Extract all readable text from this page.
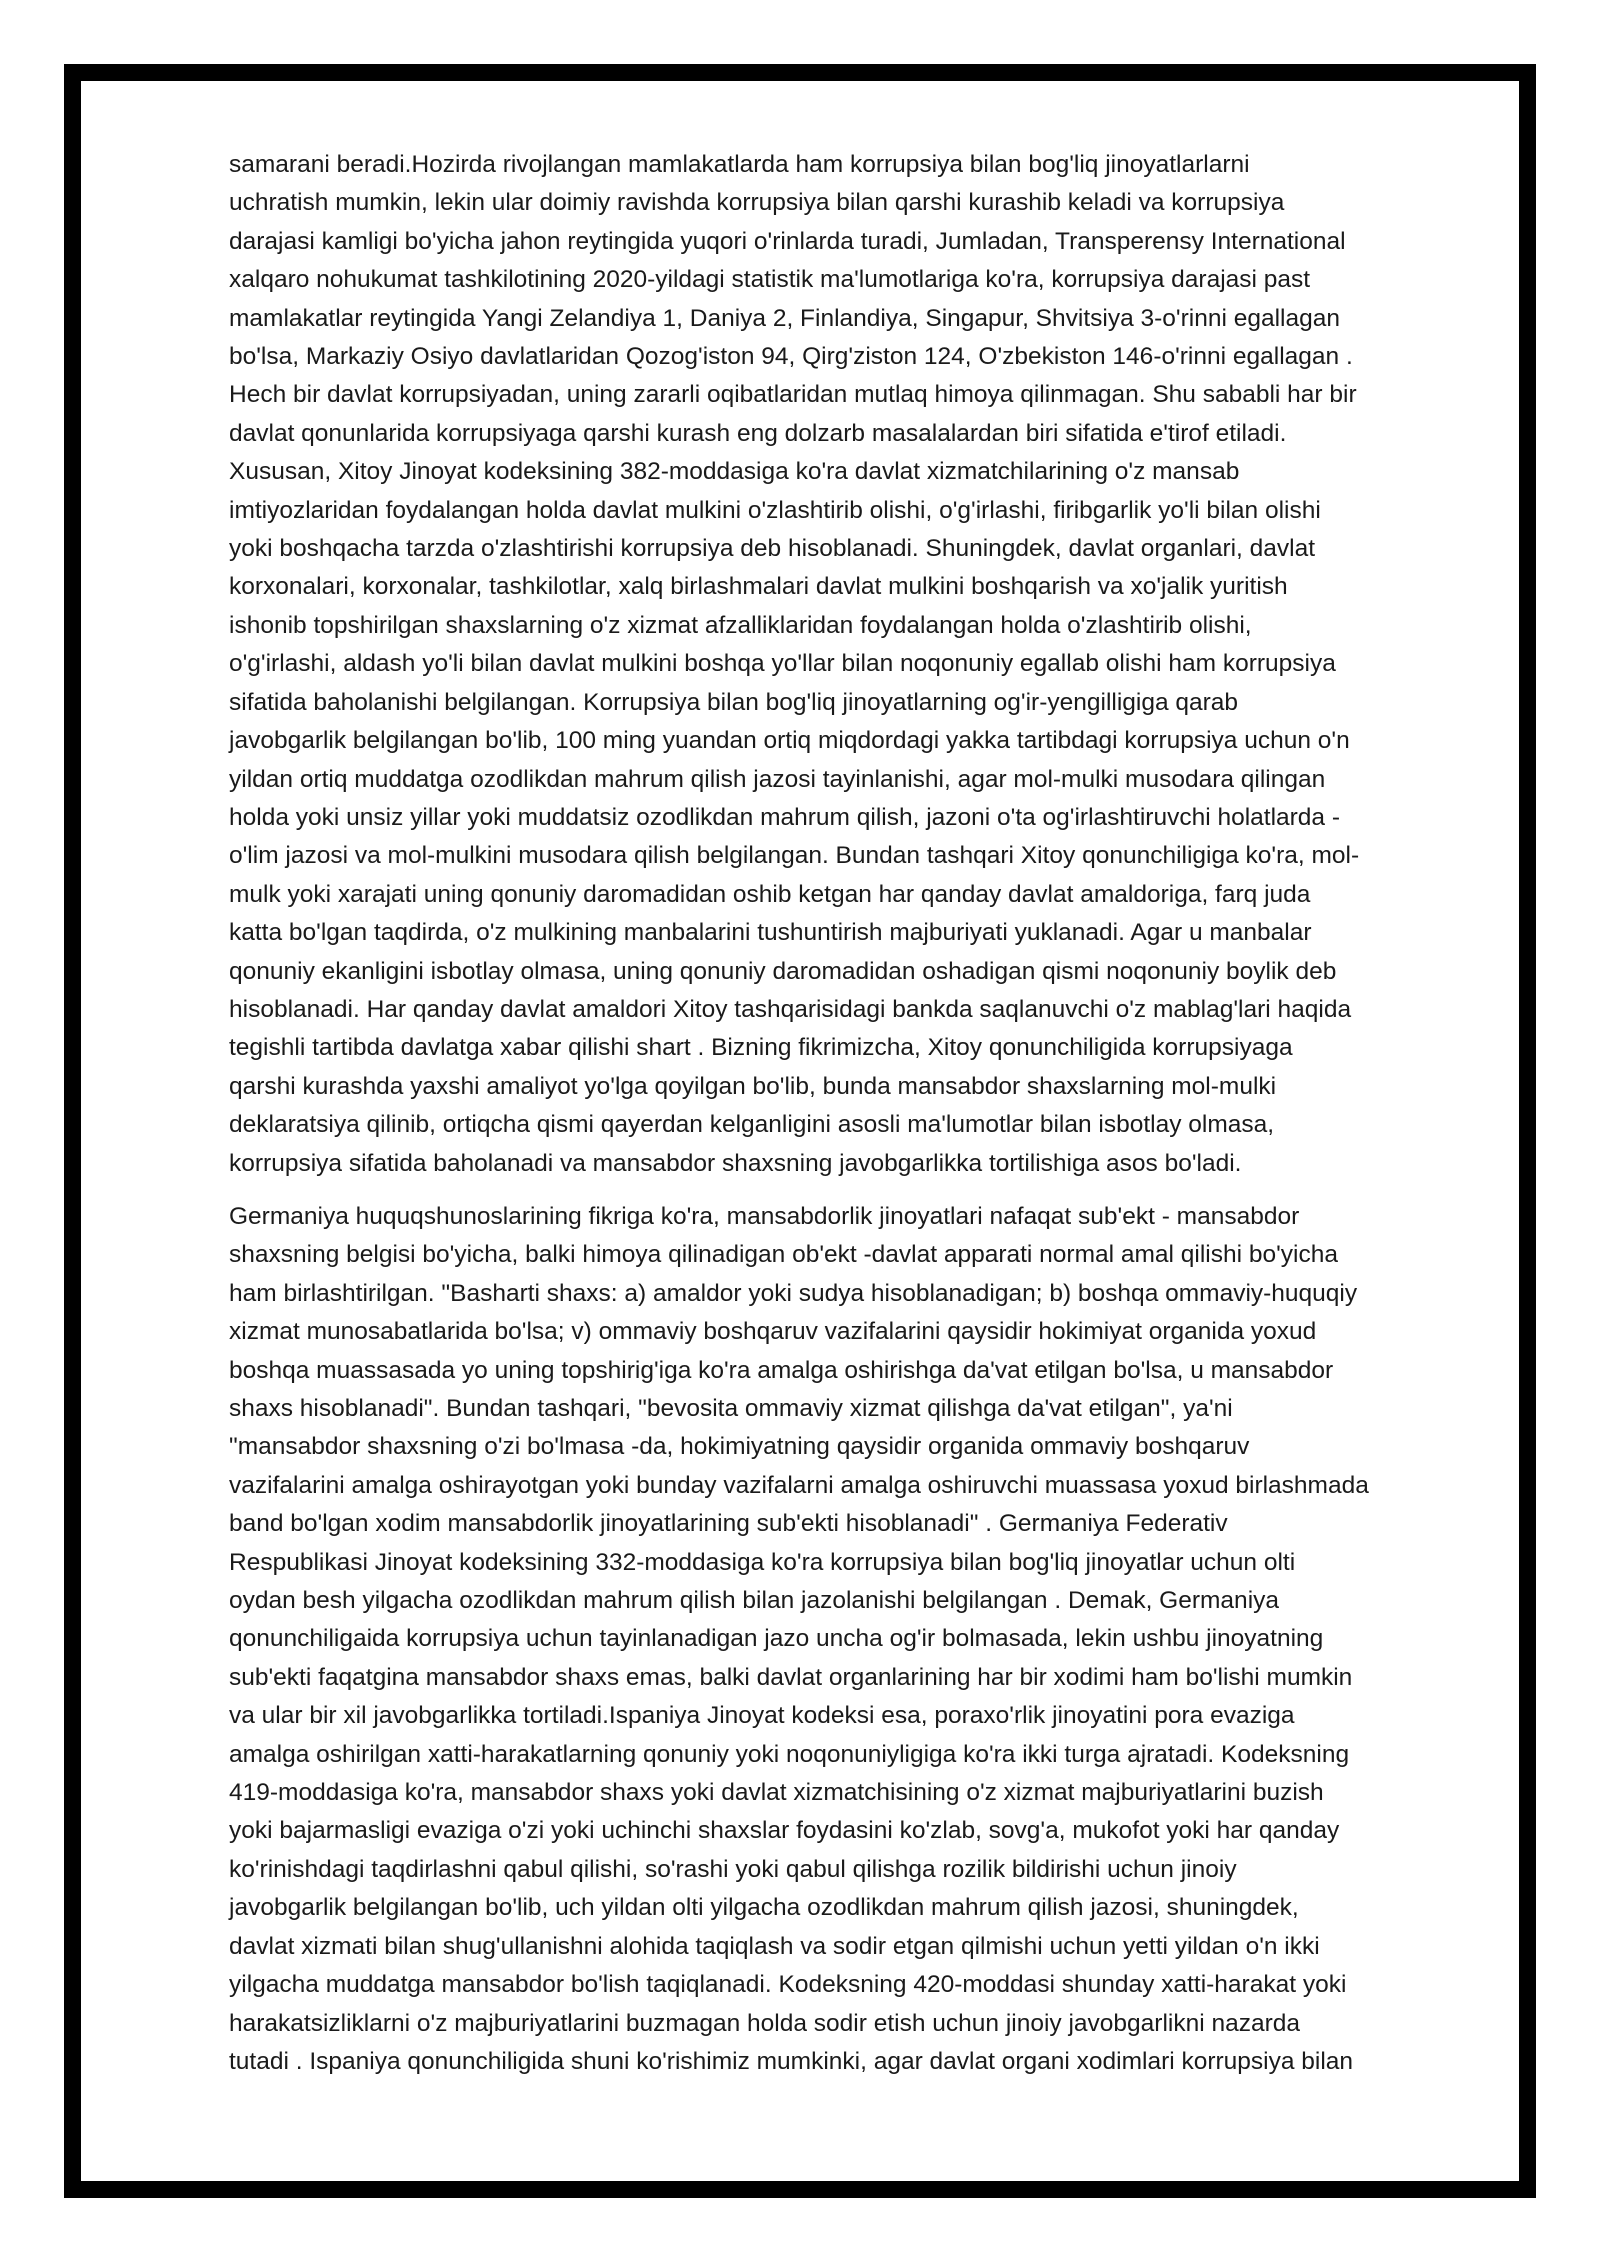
samarani beradi.Hozirda rivojlangan mamlakatlarda ham korrupsiya bilan bog'liq jinoyatlarlarni
uchratish mumkin, lekin ular doimiy ravishda korrupsiya bilan qarshi kurashib keladi va korrupsiya
darajasi kamligi bo'yicha jahon reytingida yuqori o'rinlarda turadi, Jumladan, Transperensy International
xalqaro nohukumat tashkilotining 2020-yildagi statistik ma'lumotlariga ko'ra, korrupsiya darajasi past
mamlakatlar reytingida Yangi Zelandiya 1, Daniya 2, Finlandiya, Singapur, Shvitsiya 3-o'rinni egallagan
bo'lsa, Markaziy Osiyo davlatlaridan Qozog'iston 94, Qirg'ziston 124, O'zbekiston 146-o'rinni egallagan .
Hech bir davlat korrupsiyadan, uning zararli oqibatlaridan mutlaq himoya qilinmagan. Shu sababli har bir
davlat qonunlarida korrupsiyaga qarshi kurash eng dolzarb masalalardan biri sifatida e'tirof etiladi.
Xususan, Xitoy Jinoyat kodeksining 382-moddasiga ko'ra davlat xizmatchilarining o'z mansab
imtiyozlaridan foydalangan holda davlat mulkini o'zlashtirib olishi, o'g'irlashi, firibgarlik yo'li bilan olishi
yoki boshqacha tarzda o'zlashtirishi korrupsiya deb hisoblanadi. Shuningdek, davlat organlari, davlat
korxonalari, korxonalar, tashkilotlar, xalq birlashmalari davlat mulkini boshqarish va xo'jalik yuritish
ishonib topshirilgan shaxslarning o'z xizmat afzalliklaridan foydalangan holda o'zlashtirib olishi,
o'g'irlashi, aldash yo'li bilan davlat mulkini boshqa yo'llar bilan noqonuniy egallab olishi ham korrupsiya
sifatida baholanishi belgilangan. Korrupsiya bilan bog'liq jinoyatlarning og'ir-yengilligiga qarab
javobgarlik belgilangan bo'lib, 100 ming yuandan ortiq miqdordagi yakka tartibdagi korrupsiya uchun o'n
yildan ortiq muddatga ozodlikdan mahrum qilish jazosi tayinlanishi, agar mol-mulki musodara qilingan
holda yoki unsiz yillar yoki muddatsiz ozodlikdan mahrum qilish, jazoni o'ta og'irlashtiruvchi holatlarda -
o'lim jazosi va mol-mulkini musodara qilish belgilangan. Bundan tashqari Xitoy qonunchiligiga ko'ra, mol-
mulk yoki xarajati uning qonuniy daromadidan oshib ketgan har qanday davlat amaldoriga, farq juda
katta bo'lgan taqdirda, o'z mulkining manbalarini tushuntirish majburiyati yuklanadi. Agar u manbalar
qonuniy ekanligini isbotlay olmasa, uning qonuniy daromadidan oshadigan qismi noqonuniy boylik deb
hisoblanadi. Har qanday davlat amaldori Xitoy tashqarisidagi bankda saqlanuvchi o'z mablag'lari haqida
tegishli tartibda davlatga xabar qilishi shart . Bizning fikrimizcha, Xitoy qonunchiligida korrupsiyaga
qarshi kurashda yaxshi amaliyot yo'lga qoyilgan bo'lib, bunda mansabdor shaxslarning mol-mulki
deklaratsiya qilinib, ortiqcha qismi qayerdan kelganligini asosli ma'lumotlar bilan isbotlay olmasa,
korrupsiya sifatida baholanadi va mansabdor shaxsning javobgarlikka tortilishiga asos bo'ladi.

Germaniya huquqshunoslarining fikriga ko'ra, mansabdorlik jinoyatlari nafaqat sub'ekt - mansabdor
shaxsning belgisi bo'yicha, balki himoya qilinadigan ob'ekt -davlat apparati normal amal qilishi bo'yicha
ham birlashtirilgan. "Basharti shaxs: a) amaldor yoki sudya hisoblanadigan; b) boshqa ommaviy-huquqiy
xizmat munosabatlarida bo'lsa; v) ommaviy boshqaruv vazifalarini qaysidir hokimiyat organida yoxud
boshqa muassasada yo uning topshirig'iga ko'ra amalga oshirishga da'vat etilgan bo'lsa, u mansabdor
shaxs hisoblanadi". Bundan tashqari, "bevosita ommaviy xizmat qilishga da'vat etilgan", ya'ni
"mansabdor shaxsning o'zi bo'lmasa -da, hokimiyatning qaysidir organida ommaviy boshqaruv
vazifalarini amalga oshirayotgan yoki bunday vazifalarni amalga oshiruvchi muassasa yoxud birlashmada
band bo'lgan xodim mansabdorlik jinoyatlarining sub'ekti hisoblanadi" . Germaniya Federativ
Respublikasi Jinoyat kodeksining 332-moddasiga ko'ra korrupsiya bilan bog'liq jinoyatlar uchun olti
oydan besh yilgacha ozodlikdan mahrum qilish bilan jazolanishi belgilangan . Demak, Germaniya
qonunchiligaida korrupsiya uchun tayinlanadigan jazo uncha og'ir bolmasada, lekin ushbu jinoyatning
sub'ekti faqatgina mansabdor shaxs emas, balki davlat organlarining har bir xodimi ham bo'lishi mumkin
va ular bir xil javobgarlikka tortiladi.Ispaniya Jinoyat kodeksi esa, poraxo'rlik jinoyatini pora evaziga
amalga oshirilgan xatti-harakatlarning qonuniy yoki noqonuniyligiga ko'ra ikki turga ajratadi. Kodeksning
419-moddasiga ko'ra, mansabdor shaxs yoki davlat xizmatchisining o'z xizmat majburiyatlarini buzish
yoki bajarmasligi evaziga o'zi yoki uchinchi shaxslar foydasini ko'zlab, sovg'a, mukofot yoki har qanday
ko'rinishdagi taqdirlashni qabul qilishi, so'rashi yoki qabul qilishga rozilik bildirishi uchun jinoiy
javobgarlik belgilangan bo'lib, uch yildan olti yilgacha ozodlikdan mahrum qilish jazosi, shuningdek,
davlat xizmati bilan shug'ullanishni alohida taqiqlash va sodir etgan qilmishi uchun yetti yildan o'n ikki
yilgacha muddatga mansabdor bo'lish taqiqlanadi. Kodeksning 420-moddasi shunday xatti-harakat yoki
harakatsizliklarni o'z majburiyatlarini buzmagan holda sodir etish uchun jinoiy javobgarlikni nazarda
tutadi . Ispaniya qonunchiligida shuni ko'rishimiz mumkinki, agar davlat organi xodimlari korrupsiya bilan
